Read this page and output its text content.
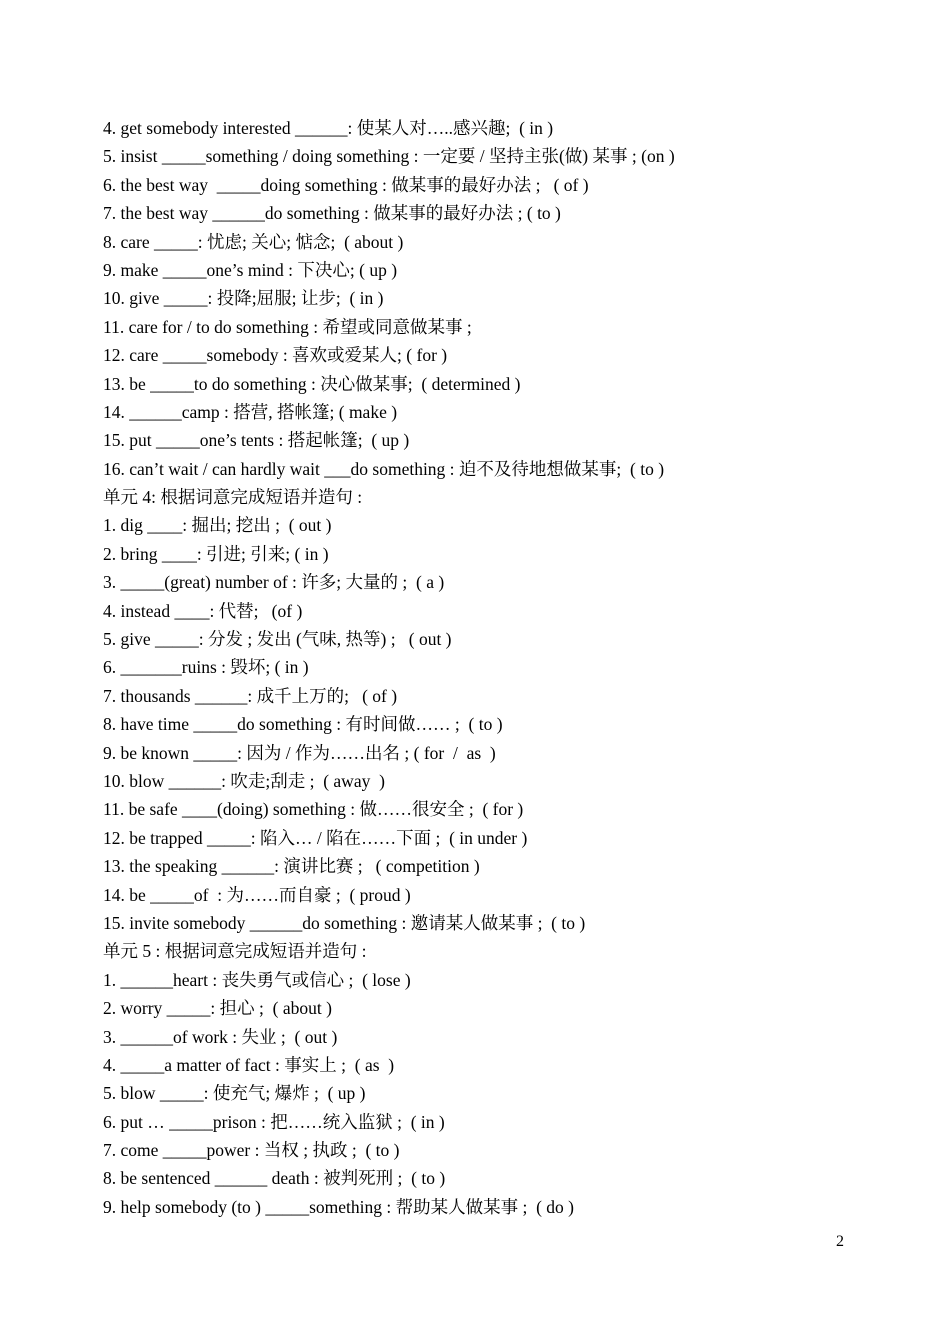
4. get somebody interested ______: 使某人对…..感兴趣;  ( in )
5. insist _____something / doing something : 一定要 / 坚持主张(做) 某事 ; (on )
6. the best way  _____doing something : 做某事的最好办法 ;   ( of )
7. the best way ______do something : 做某事的最好办法 ; ( to )
8. care _____: 忧虑; 关心; 惦念;  ( about )
9. make _____one’s mind : 下决心; ( up )
10. give _____: 投降;屈服; 让步;  ( in )
11. care for / to do something : 希望或同意做某事 ;
12. care _____somebody : 喜欢或爱某人; ( for )
13. be _____to do something : 决心做某事;  ( determined )
14. ______camp : 搭营, 搭帐篷; ( make )
15. put _____one’s tents : 搭起帐篷;  ( up )
16. can’t wait / can hardly wait ___do something : 迫不及待地想做某事;  ( to )
单元 4: 根据词意完成短语并造句 :
1. dig ____: 掘出; 挖出 ;  ( out )
2. bring ____: 引进; 引来; ( in )
3. _____(great) number of : 许多; 大量的 ;  ( a )
4. instead ____: 代替;   (of )
5. give _____: 分发 ; 发出 (气味, 热等) ;   ( out )
6. _______ruins : 毁坏; ( in )
7. thousands ______: 成千上万的;   ( of )
8. have time _____do something : 有时间做…… ;  ( to )
9. be known _____: 因为 / 作为……出名 ; ( for  /  as  )
10. blow ______: 吹走;刮走 ;  ( away  )
11. be safe ____(doing) something : 做……很安全 ;  ( for )
12. be trapped _____: 陷入… / 陷在……下面 ;  ( in under )
13. the speaking ______: 演讲比赛 ;   ( competition )
14. be _____of  : 为……而自豪 ;  ( proud )
15. invite somebody ______do something : 邀请某人做某事 ;  ( to )
单元 5 : 根据词意完成短语并造句 :
1. ______heart : 丧失勇气或信心 ;  ( lose )
2. worry _____: 担心 ;  ( about )
3. ______of work : 失业 ;  ( out )
4. _____a matter of fact : 事实上 ;  ( as  )
5. blow _____: 使充气; 爆炸 ;  ( up )
6. put … _____prison : 把……统入监狱 ;  ( in )
7. come _____power : 当权 ; 执政 ;  ( to )
8. be sentenced ______ death : 被判死刑 ;  ( to )
9. help somebody (to ) _____something : 帮助某人做某事 ;  ( do )
2
